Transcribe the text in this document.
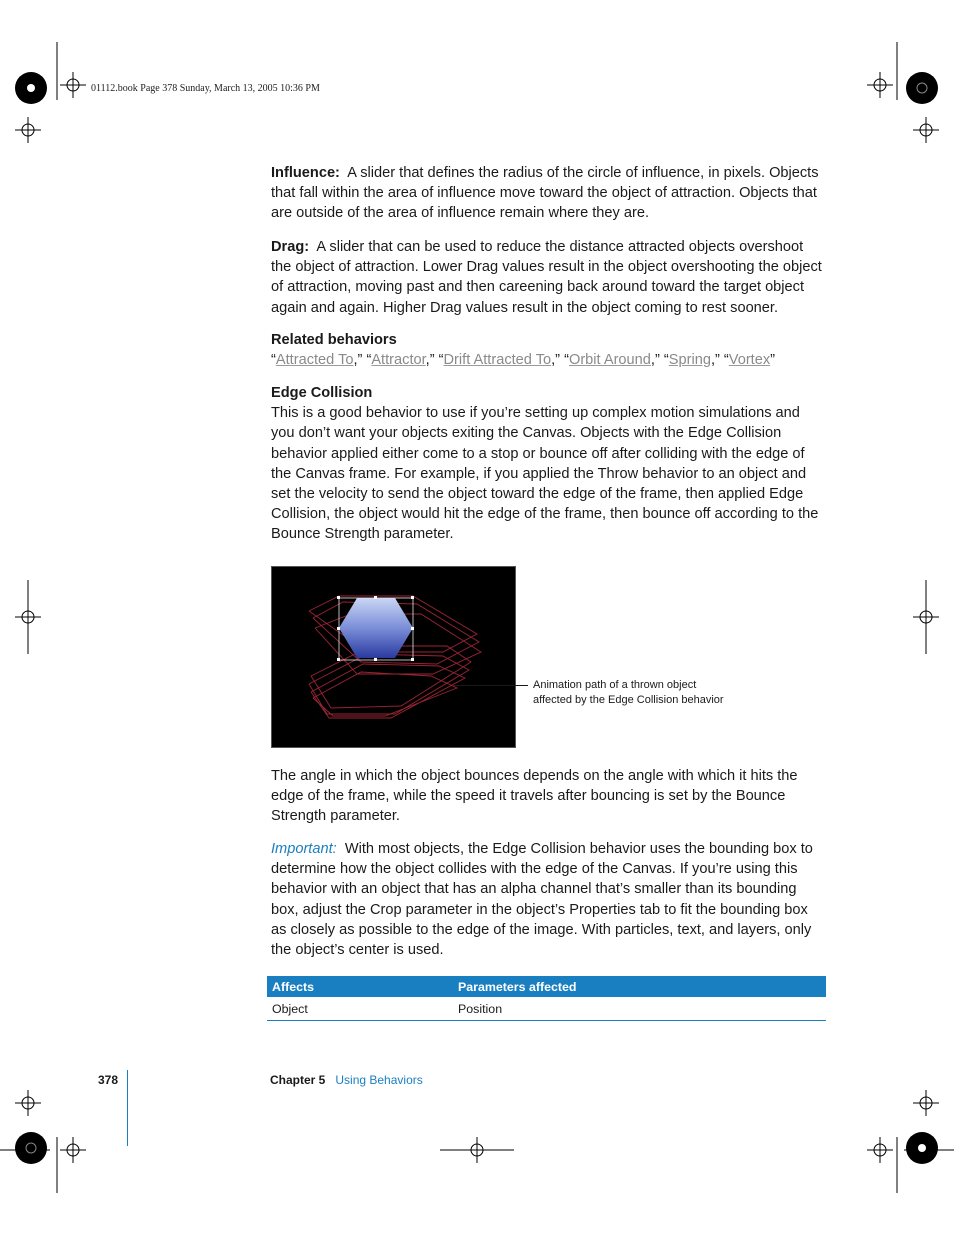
01112.book Page 378 Sunday, March 13, 2005 10:36 PM

Influence: A slider that defines the radius of the circle of influence, in pixels. Objects that fall within the area of influence move toward the object of attraction. Objects that are outside of the area of influence remain where they are.

Drag: A slider that can be used to reduce the distance attracted objects overshoot the object of attraction. Lower Drag values result in the object overshooting the object of attraction, moving past and then careening back around toward the target object again and again. Higher Drag values result in the object coming to rest sooner.

Related behaviors
“Attracted To,” “Attractor,” “Drift Attracted To,” “Orbit Around,” “Spring,” “Vortex”
Edge Collision

This is a good behavior to use if you’re setting up complex motion simulations and you don’t want your objects exiting the Canvas. Objects with the Edge Collision behavior applied either come to a stop or bounce off after colliding with the edge of the Canvas frame. For example, if you applied the Throw behavior to an object and set the velocity to send the object toward the edge of the frame, then applied Edge Collision, the object would hit the edge of the frame, then bounce off according to the Bounce Strength parameter.

Animation path of a thrown object
affected by the Edge Collision behavior

The angle in which the object bounces depends on the angle with which it hits the edge of the frame, while the speed it travels after bouncing is set by the Bounce Strength parameter.

Important: With most objects, the Edge Collision behavior uses the bounding box to determine how the object collides with the edge of the Canvas. If you’re using this behavior with an object that has an alpha channel that’s smaller than its bounding box, adjust the Crop parameter in the object’s Properties tab to fit the bounding box as closely as possible to the edge of the image. With particles, text, and layers, only the object’s center is used.

Affects	Parameters affected
Object	Position
378	Chapter 5 Using Behaviors
